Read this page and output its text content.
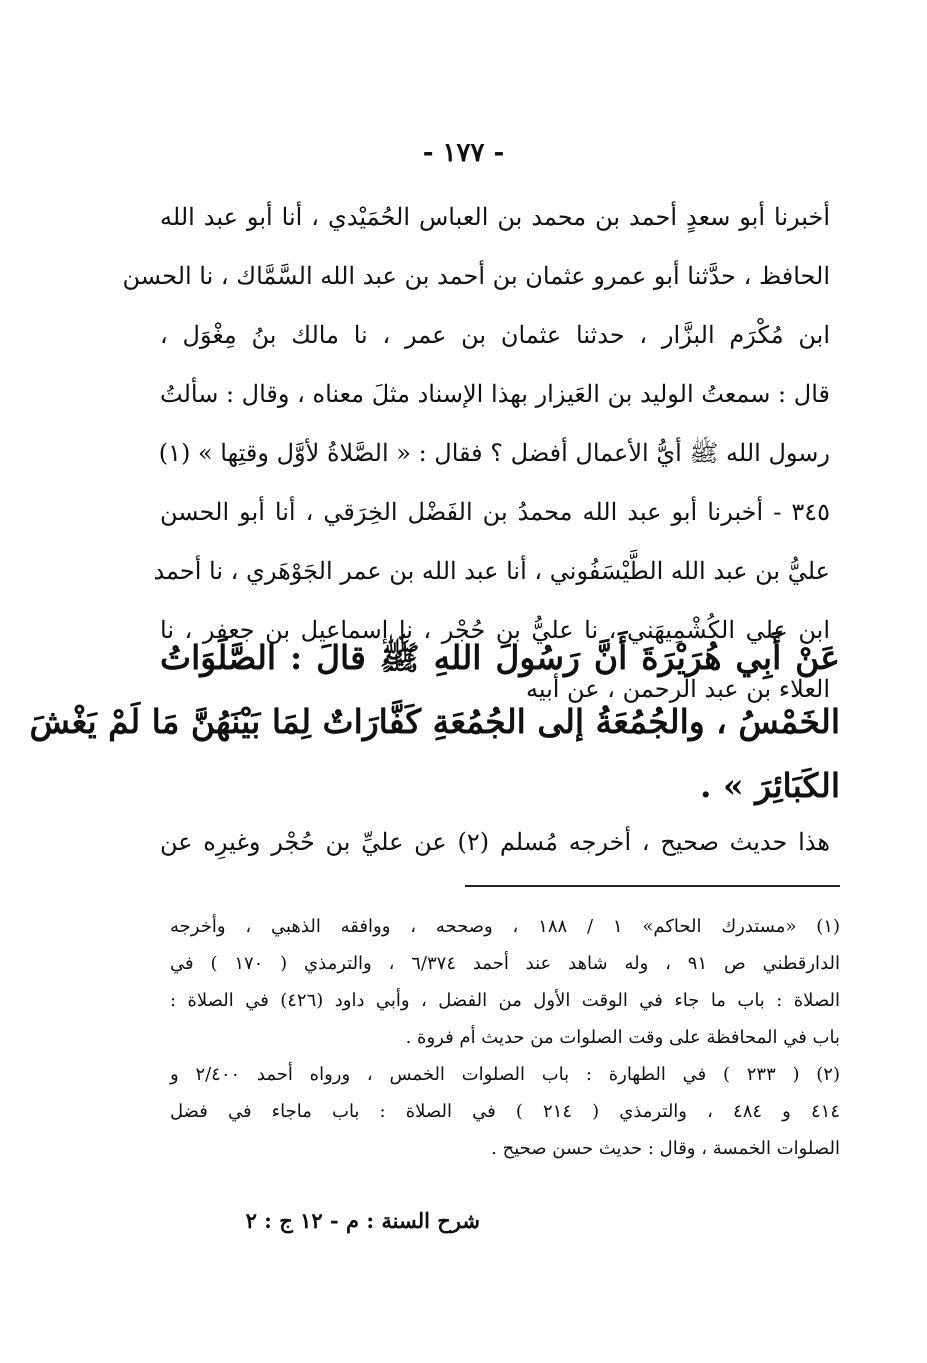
- ١٧٧ -
أخبرنا أبو سعدٍ أحمد بن محمد بن العباس الحُمَيْدي ، أنا أبو عبد الله
الحافظ ، حدَّثنا أبو عمرو عثمان بن أحمد بن عبد الله السَّمَّاك ، نا الحسن
ابن مُكْرَم البزَّار ، حدثنا عثمان بن عمر ، نا مالك بنُ مِغْوَل ،
قال : سمعتُ الوليد بن العَيزار بهذا الإسناد مثلَ معناه ، وقال : سألتُ
رسول الله ﷺ أيُّ الأعمال أفضل ؟ فقال : « الصَّلاةُ لأوَّل وقتِها » (١)
٣٤٥ - أخبرنا أبو عبد الله محمدُ بن الفَضْل الخِرَقي ، أنا أبو الحسن
عليُّ بن عبد الله الطَّيْسَفُوني ، أنا عبد الله بن عمر الجَوْهَري ، نا أحمد
ابن علي الكُشْمِيهَني ، نا عليُّ بن حُجْر ، نا إسماعيل بن جعفر ، نا
العلاء بن عبد الرحمن ، عن أبيه
عَنْ أَبِي هُرَيْرَةَ أَنَّ رَسُولَ اللهِ ﷺ قالَ : الصَّلَوَاتُ
الخَمْسُ ، والجُمُعَةُ إلى الجُمُعَةِ كَفَّارَاتٌ لِمَا بَيْنَهُنَّ مَا لَمْ يَغْشَ
الكَبَائِرَ » .
هذا حديث صحيح ، أخرجه مُسلم (٢) عن عليِّ بن حُجْر وغيرِه عن
(١) «مستدرك الحاكم» ١ / ١٨٨ ، وصححه ، ووافقه الذهبي ، وأخرجه
الدارقطني ص ٩١ ، وله شاهد عند أحمد ٦/٣٧٤ ، والترمذي ( ١٧٠ ) في
الصلاة : باب ما جاء في الوقت الأول من الفضل ، وأبي داود (٤٢٦) في الصلاة :
باب في المحافظة على وقت الصلوات من حديث أم فروة .
(٢) ( ٢٣٣ ) في الطهارة : باب الصلوات الخمس ، ورواه أحمد ٢/٤٠٠ و
٤١٤ و ٤٨٤ ، والترمذي ( ٢١٤ ) في الصلاة : باب ماجاء في فضل
الصلوات الخمسة ، وقال : حديث حسن صحيح .
شرح السنة : م - ١٢ ج : ٢
